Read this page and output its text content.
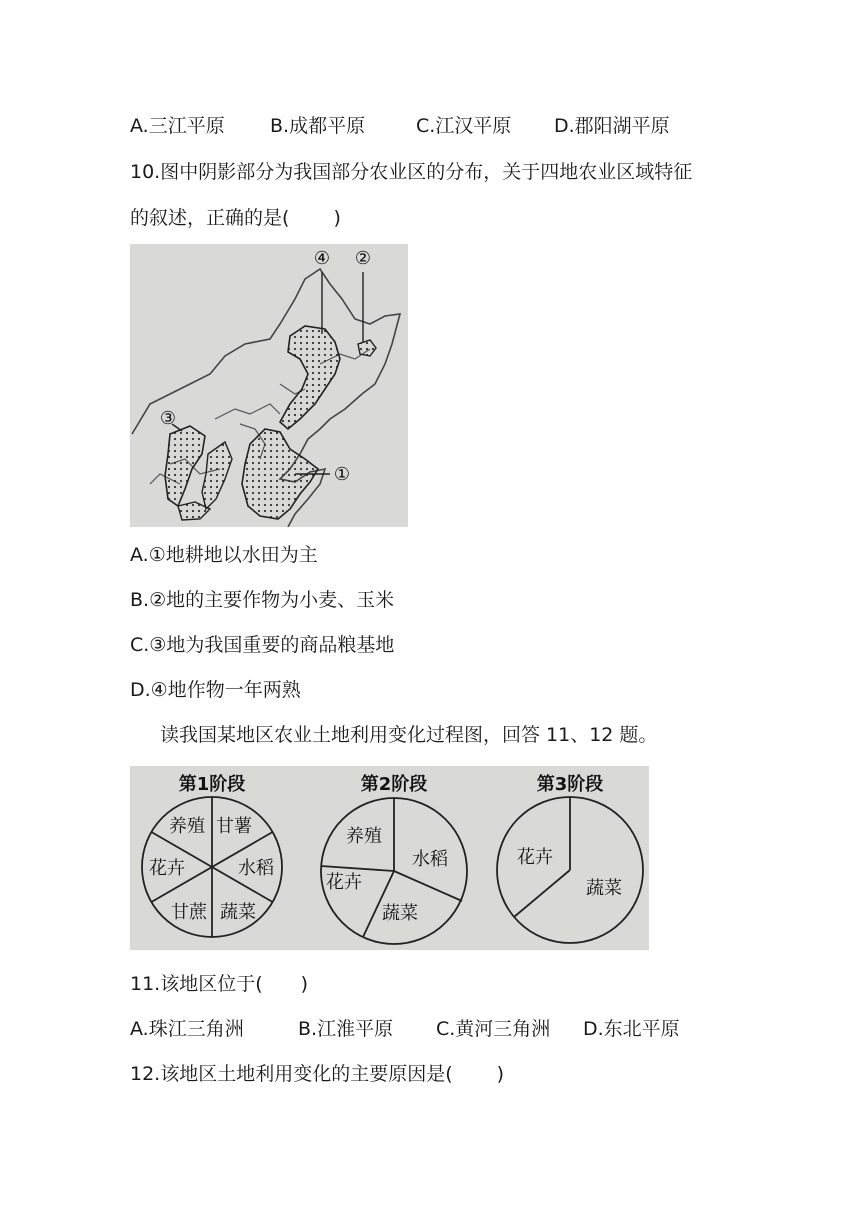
A.三江平原	B.成都平原	C.江汉平原	D.郡阳湖平原
10.图中阴影部分为我国部分农业区的分布，关于四地农业区域特征
的叙述，正确的是(　　 )
④ ②
③
①
A.①地耕地以水田为主
B.②地的主要作物为小麦、玉米
C.③地为我国重要的商品粮基地
D.④地作物一年两熟
读我国某地区农业土地利用变化过程图，回答 11、12 题。
第1阶段	第2阶段	第3阶段
养殖 甘薯
花卉	水稻
甘蔗 蔬菜
养殖
水稻
花卉
蔬菜
花卉
蔬菜
11.该地区位于(　　)
A.珠江三角洲	B.江淮平原	C.黄河三角洲	D.东北平原
12.该地区土地利用变化的主要原因是(　　 )
